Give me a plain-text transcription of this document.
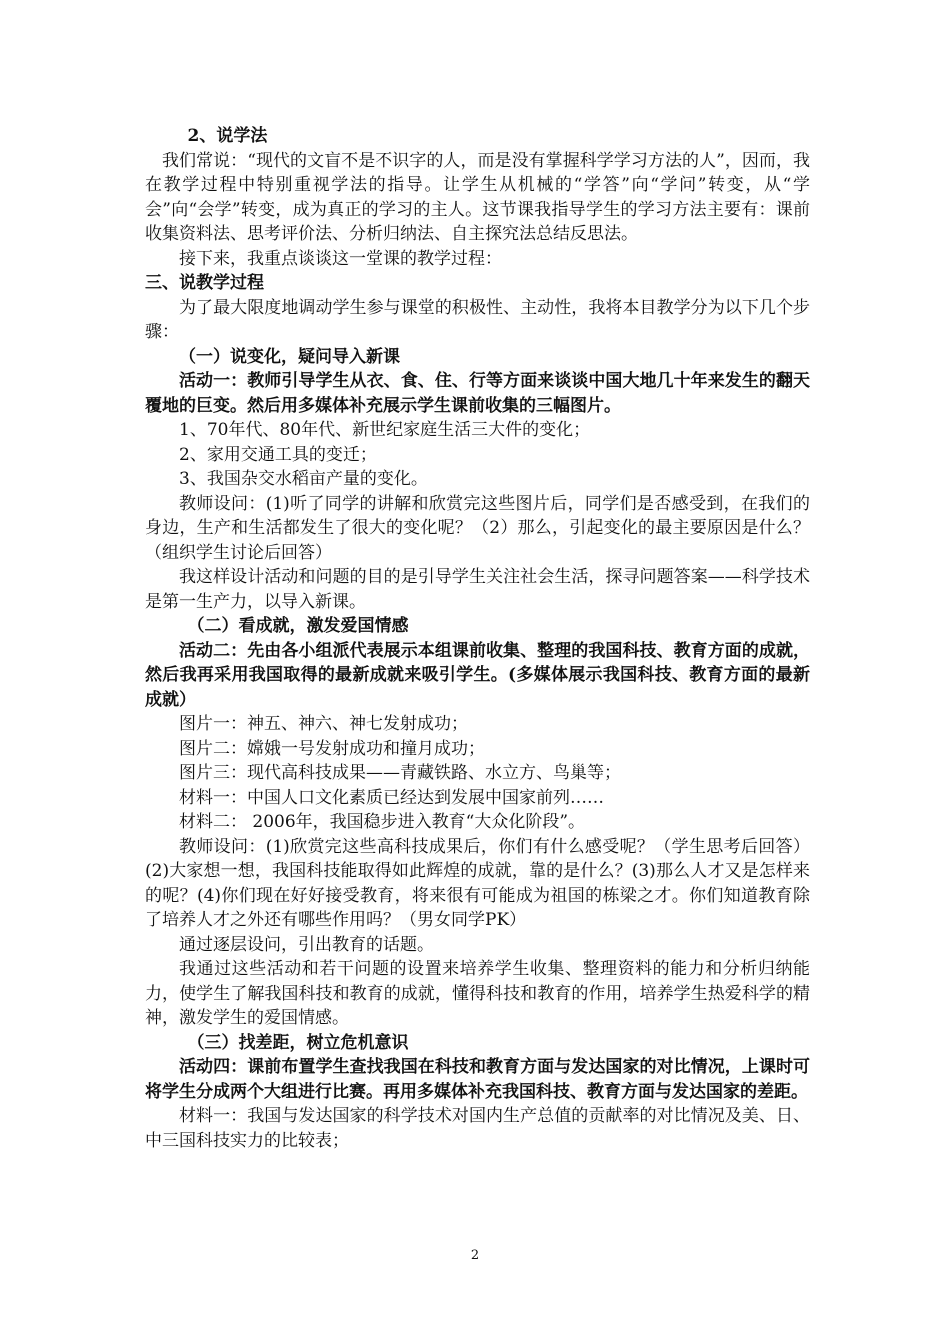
2、说学法

我们常说：“现代的文盲不是不识字的人，而是没有掌握科学学习方法的人”，因而，我在教学过程中特别重视学法的指导。让学生从机械的“学答”向“学问”转变，从“学会”向“会学”转变，成为真正的学习的主人。这节课我指导学生的学习方法主要有：课前收集资料法、思考评价法、分析归纳法、自主探究法总结反思法。

接下来，我重点谈谈这一堂课的教学过程：

三、说教学过程

为了最大限度地调动学生参与课堂的积极性、主动性，我将本目教学分为以下几个步骤：

（一）说变化，疑问导入新课

活动一：教师引导学生从衣、食、住、行等方面来谈谈中国大地几十年来发生的翻天覆地的巨变。然后用多媒体补充展示学生课前收集的三幅图片。

1、70年代、80年代、新世纪家庭生活三大件的变化；

2、家用交通工具的变迁；

3、我国杂交水稻亩产量的变化。

教师设问：(1)听了同学的讲解和欣赏完这些图片后，同学们是否感受到，在我们的身边，生产和生活都发生了很大的变化呢？（2）那么，引起变化的最主要原因是什么？（组织学生讨论后回答）

我这样设计活动和问题的目的是引导学生关注社会生活，探寻问题答案——科学技术是第一生产力，以导入新课。

（二）看成就，激发爱国情感

活动二：先由各小组派代表展示本组课前收集、整理的我国科技、教育方面的成就，然后我再采用我国取得的最新成就来吸引学生。(多媒体展示我国科技、教育方面的最新成就）

图片一：神五、神六、神七发射成功；

图片二：嫦娥一号发射成功和撞月成功；

图片三：现代高科技成果——青藏铁路、水立方、鸟巢等；

材料一：中国人口文化素质已经达到发展中国家前列……

材料二： 2006年，我国稳步进入教育“大众化阶段”。

教师设问：(1)欣赏完这些高科技成果后，你们有什么感受呢？（学生思考后回答）(2)大家想一想，我国科技能取得如此辉煌的成就，靠的是什么？(3)那么人才又是怎样来的呢？(4)你们现在好好接受教育，将来很有可能成为祖国的栋梁之才。你们知道教育除了培养人才之外还有哪些作用吗？（男女同学PK）

通过逐层设问，引出教育的话题。

我通过这些活动和若干问题的设置来培养学生收集、整理资料的能力和分析归纳能力，使学生了解我国科技和教育的成就，懂得科技和教育的作用，培养学生热爱科学的精神，激发学生的爱国情感。

（三）找差距，树立危机意识

活动四：课前布置学生查找我国在科技和教育方面与发达国家的对比情况，上课时可将学生分成两个大组进行比赛。再用多媒体补充我国科技、教育方面与发达国家的差距。

材料一：我国与发达国家的科学技术对国内生产总值的贡献率的对比情况及美、日、中三国科技实力的比较表；

2
